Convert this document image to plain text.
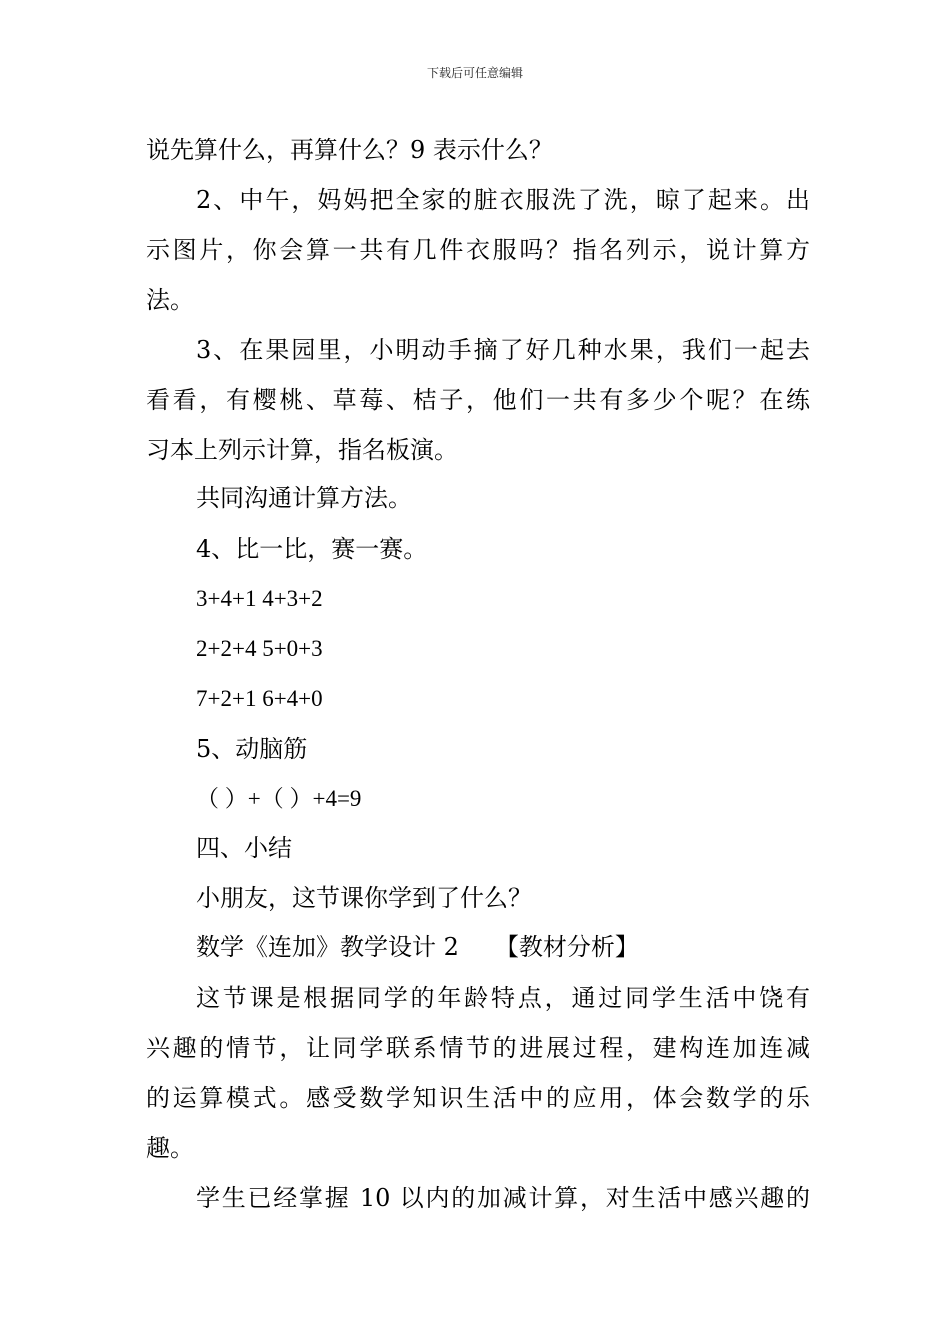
下载后可任意编辑
说先算什么，再算什么？9 表示什么？
2、中午，妈妈把全家的脏衣服洗了洗，晾了起来。出
示图片，你会算一共有几件衣服吗？指名列示，说计算方
法。
3、在果园里，小明动手摘了好几种水果，我们一起去
看看，有樱桃、草莓、桔子，他们一共有多少个呢？在练
习本上列示计算，指名板演。
共同沟通计算方法。
4、比一比，赛一赛。
3+4+1 4+3+2
2+2+4 5+0+3
7+2+1 6+4+0
5、动脑筋
（ ）+（ ）+4=9
四、小结
小朋友，这节课你学到了什么？
数学《连加》教学设计 2　　【教材分析】
这节课是根据同学的年龄特点，通过同学生活中饶有
兴趣的情节，让同学联系情节的进展过程，建构连加连减
的运算模式。感受数学知识生活中的应用，体会数学的乐
趣。
学生已经掌握 10 以内的加减计算，对生活中感兴趣的
